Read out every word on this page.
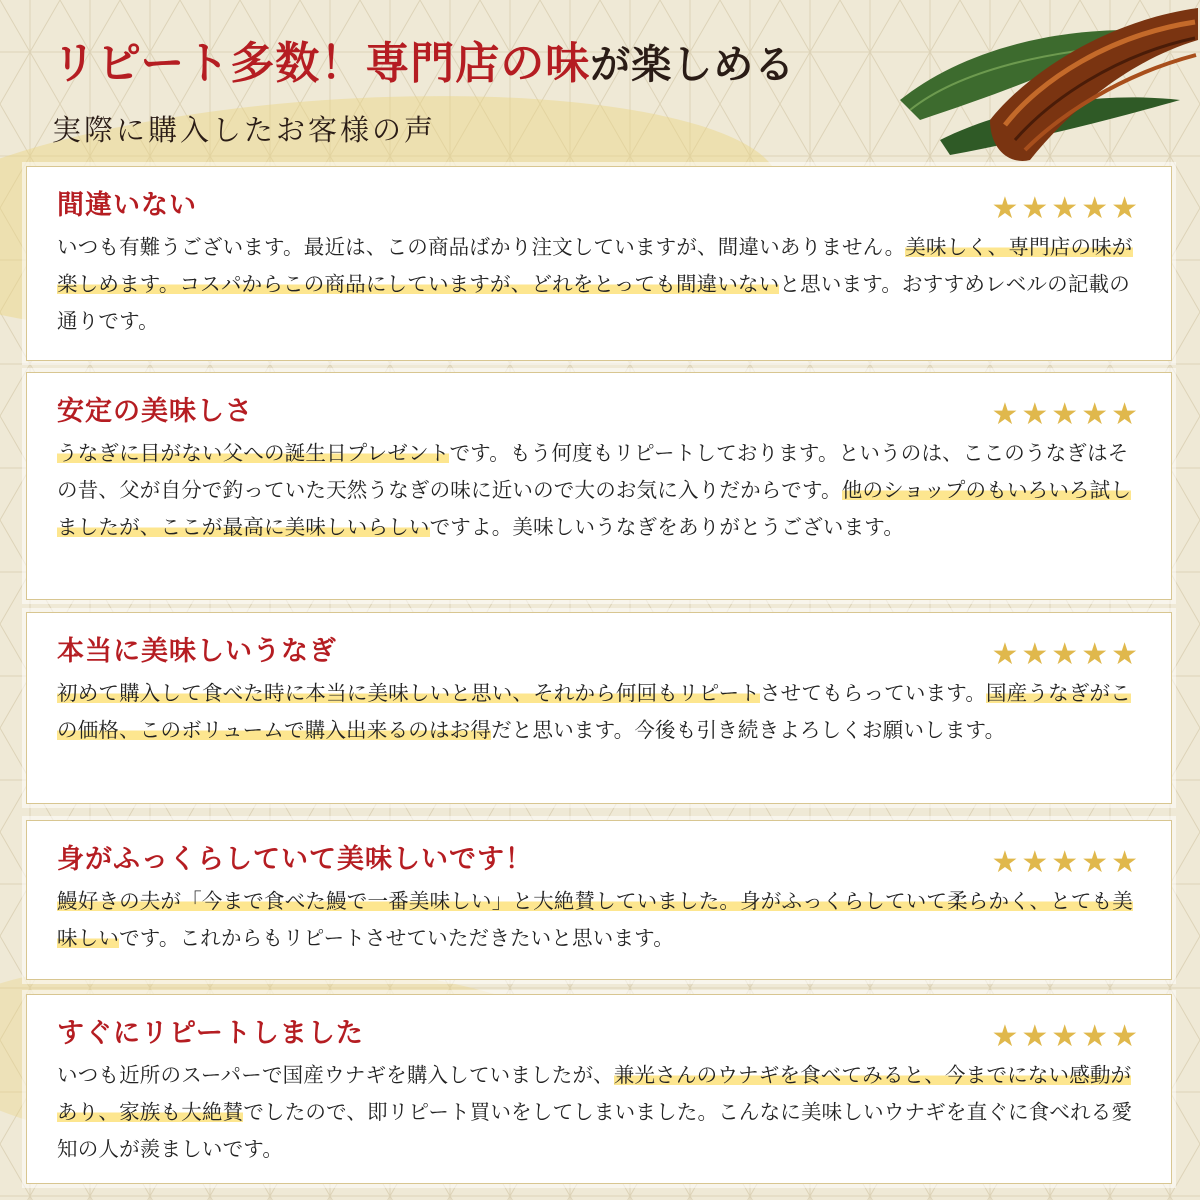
リピート多数！専門店の味が楽しめる
実際に購入したお客様の声
間違いない	★★★★★
いつも有難うございます。最近は、この商品ばかり注文していますが、間違いありません。美味しく、専門店の味が楽しめます。コスパからこの商品にしていますが、どれをとっても間違いないと思います。おすすめレベルの記載の通りです。
安定の美味しさ	★★★★★
うなぎに目がない父への誕生日プレゼントです。もう何度もリピートしております。というのは、ここのうなぎはその昔、父が自分で釣っていた天然うなぎの味に近いので大のお気に入りだからです。他のショップのもいろいろ試しましたが、ここが最高に美味しいらしいですよ。美味しいうなぎをありがとうございます。
本当に美味しいうなぎ	★★★★★
初めて購入して食べた時に本当に美味しいと思い、それから何回もリピートさせてもらっています。国産うなぎがこの価格、このボリュームで購入出来るのはお得だと思います。今後も引き続きよろしくお願いします。
身がふっくらしていて美味しいです！	★★★★★
鰻好きの夫が「今まで食べた鰻で一番美味しい」と大絶賛していました。身がふっくらしていて柔らかく、とても美味しいです。これからもリピートさせていただきたいと思います。
すぐにリピートしました	★★★★★
いつも近所のスーパーで国産ウナギを購入していましたが、兼光さんのウナギを食べてみると、今までにない感動があり、家族も大絶賛でしたので、即リピート買いをしてしまいました。こんなに美味しいウナギを直ぐに食べれる愛知の人が羨ましいです。
